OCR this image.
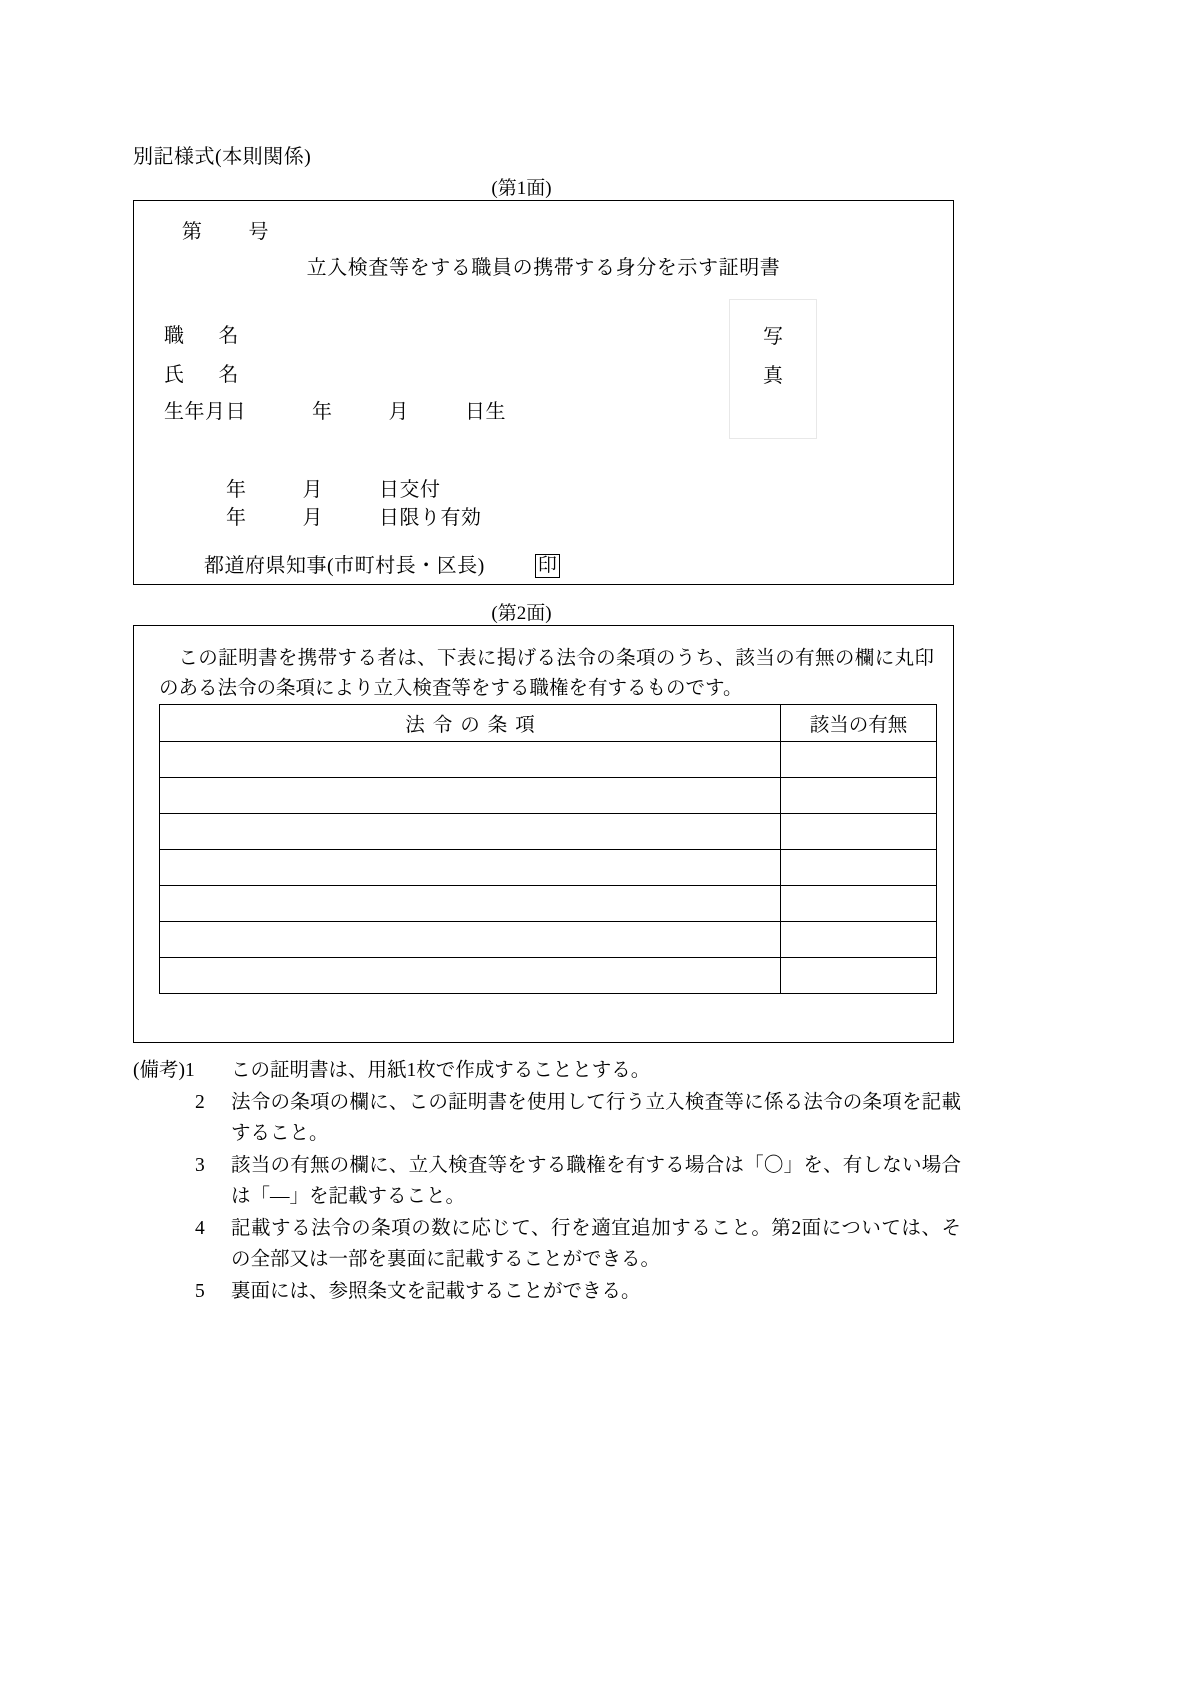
別記様式(本則関係)
(第1面)
第 号
立入検査等をする職員の携帯する身分を示す証明書
職 名
氏 名
生年月日	年	月	日生
写
真
年	月	日交付
年	月	日限り有効
都道府県知事(市町村長・区長)	印
(第2面)
この証明書を携帯する者は、下表に掲げる法令の条項のうち、該当の有無の欄に丸印のある法令の条項により立入検査等をする職権を有するものです。
法令の条項	該当の有無

(備考)1	この証明書は、用紙1枚で作成することとする。
2	法令の条項の欄に、この証明書を使用して行う立入検査等に係る法令の条項を記載すること。
3	該当の有無の欄に、立入検査等をする職権を有する場合は「〇」を、有しない場合は「—」を記載すること。
4	記載する法令の条項の数に応じて、行を適宜追加すること。第2面については、その全部又は一部を裏面に記載することができる。
5	裏面には、参照条文を記載することができる。
